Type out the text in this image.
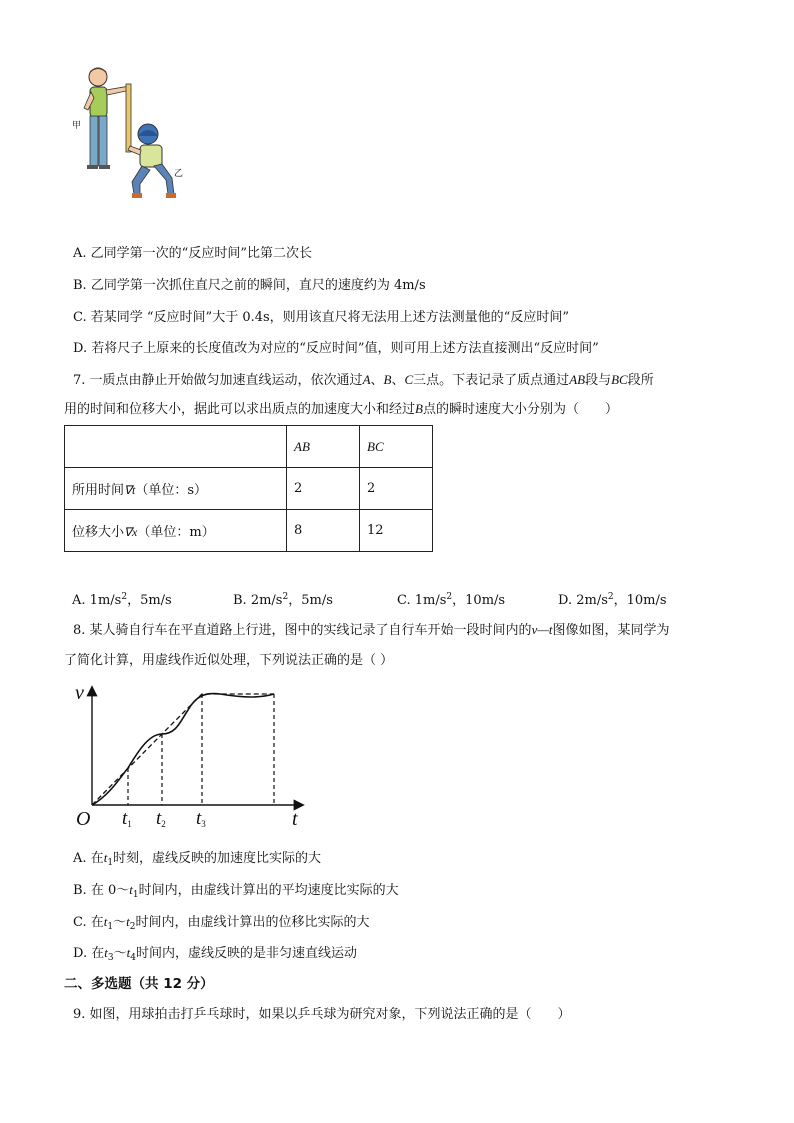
甲
乙
A. 乙同学第一次的“反应时间”比第二次长
B. 乙同学第一次抓住直尺之前的瞬间，直尺的速度约为 4m/s
C. 若某同学 “反应时间”大于 0.4s，则用该直尺将无法用上述方法测量他的“反应时间”
D. 若将尺子上原来的长度值改为对应的“反应时间”值，则可用上述方法直接测出“反应时间”
7. 一质点由静止开始做匀加速直线运动，依次通过A、B、C三点。下表记录了质点通过AB段与BC段所
用的时间和位移大小，据此可以求出质点的加速度大小和经过B点的瞬时速度大小分别为（　　）
	AB	BC
所用时间∇t（单位：s）	2	2
位移大小∇x（单位：m）	8	12
A. $1m/s^2$，5m/s	B. $2m/s^2$，5m/s	C. $1m/s^2$，10m/s	D. $2m/s^2$，10m/s
8. 某人骑自行车在平直道路上行进，图中的实线记录了自行车开始一段时间内的v—t图像如图，某同学为
了简化计算，用虚线作近似处理，下列说法正确的是（ ）
v
t
O $t_1$ $t_2$ $t_3$
A. 在$t_1$时刻，虚线反映的加速度比实际的大
B. 在 $0\sim t_1$时间内，由虚线计算出的平均速度比实际的大
C. 在$t_1\sim t_2$时间内，由虚线计算出的位移比实际的大
D. 在$t_3\sim t_4$时间内，虚线反映的是非匀速直线运动
二、多选题（共 12 分）
9. 如图，用球拍击打乒乓球时，如果以乒乓球为研究对象，下列说法正确的是（　　）
